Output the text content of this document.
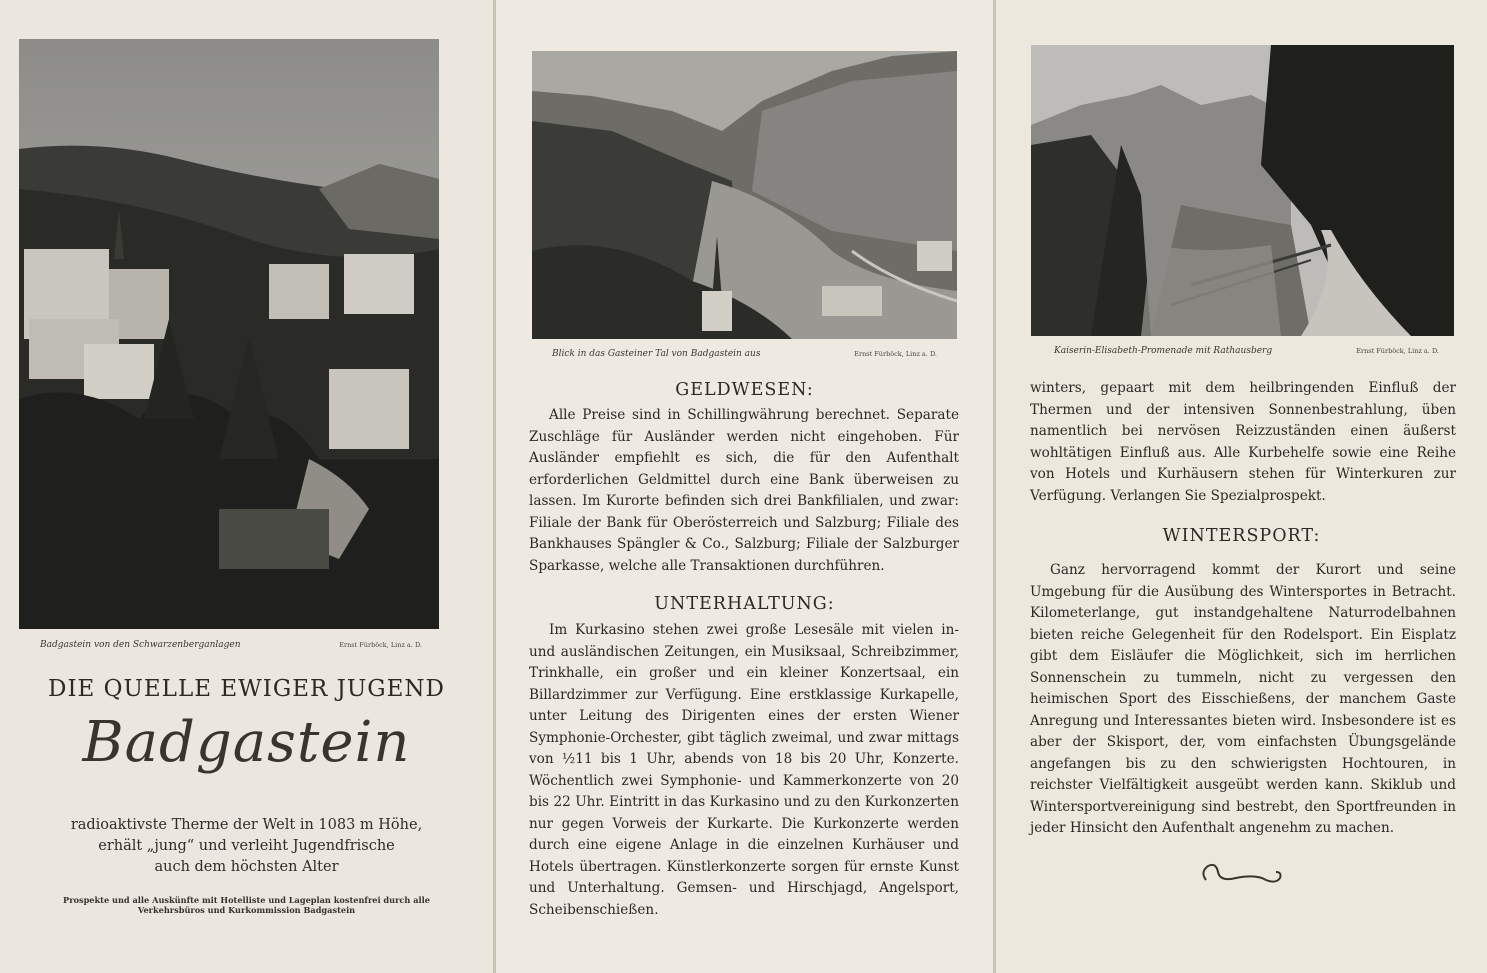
Badgastein von den Schwarzenberganlagen	Ernst Fürböck, Linz a. D.
DIE QUELLE EWIGER JUGEND
Badgastein
radioaktivste Therme der Welt in 1083 m Höhe,
erhält „jung“ und verleiht Jugendfrische
auch dem höchsten Alter
Prospekte und alle Auskünfte mit Hotelliste und Lageplan kostenfrei durch alle
Verkehrsbüros und Kurkommission Badgastein
Blick in das Gasteiner Tal von Badgastein aus	Ernst Fürböck, Linz a. D.
GELDWESEN:

Alle Preise sind in Schillingwährung berechnet. Separate Zuschläge für Ausländer werden nicht eingehoben. Für Ausländer empfiehlt es sich, die für den Aufenthalt erforderlichen Geldmittel durch eine Bank überweisen zu lassen. Im Kurorte befinden sich drei Bankfilialen, und zwar: Filiale der Bank für Oberösterreich und Salzburg; Filiale des Bankhauses Spängler & Co., Salzburg; Filiale der Salzburger Sparkasse, welche alle Transaktionen durchführen.

UNTERHALTUNG:

Im Kurkasino stehen zwei große Lesesäle mit vielen in- und ausländischen Zeitungen, ein Musiksaal, Schreibzimmer, Trinkhalle, ein großer und ein kleiner Konzertsaal, ein Billardzimmer zur Verfügung. Eine erstklassige Kurkapelle, unter Leitung des Dirigenten eines der ersten Wiener Symphonie-Orchester, gibt täglich zweimal, und zwar mittags von ½11 bis 1 Uhr, abends von 18 bis 20 Uhr, Konzerte. Wöchentlich zwei Symphonie- und Kammerkonzerte von 20 bis 22 Uhr. Eintritt in das Kurkasino und zu den Kurkonzerten nur gegen Vorweis der Kurkarte. Die Kurkonzerte werden durch eine eigene Anlage in die einzelnen Kurhäuser und Hotels übertragen. Künstlerkonzerte sorgen für ernste Kunst und Unterhaltung. Gemsen- und Hirschjagd, Angelsport, Scheibenschießen.

Kaiserin-Elisabeth-Promenade mit Rathausberg	Ernst Fürböck, Linz a. D.

winters, gepaart mit dem heilbringenden Einfluß der Thermen und der intensiven Sonnenbestrahlung, üben namentlich bei nervösen Reizzuständen einen äußerst wohltätigen Einfluß aus. Alle Kurbehelfe sowie eine Reihe von Hotels und Kurhäusern stehen für Winterkuren zur Verfügung. Verlangen Sie Spezialprospekt.

WINTERSPORT:

Ganz hervorragend kommt der Kurort und seine Umgebung für die Ausübung des Wintersportes in Betracht. Kilometerlange, gut instandgehaltene Naturrodelbahnen bieten reiche Gelegenheit für den Rodelsport. Ein Eisplatz gibt dem Eisläufer die Möglichkeit, sich im herrlichen Sonnenschein zu tummeln, nicht zu vergessen den heimischen Sport des Eisschießens, der manchem Gaste Anregung und Interessantes bieten wird. Insbesondere ist es aber der Skisport, der, vom einfachsten Übungsgelände angefangen bis zu den schwierigsten Hochtouren, in reichster Vielfältigkeit ausgeübt werden kann. Skiklub und Wintersportvereinigung sind bestrebt, den Sportfreunden in jeder Hinsicht den Aufenthalt angenehm zu machen.
